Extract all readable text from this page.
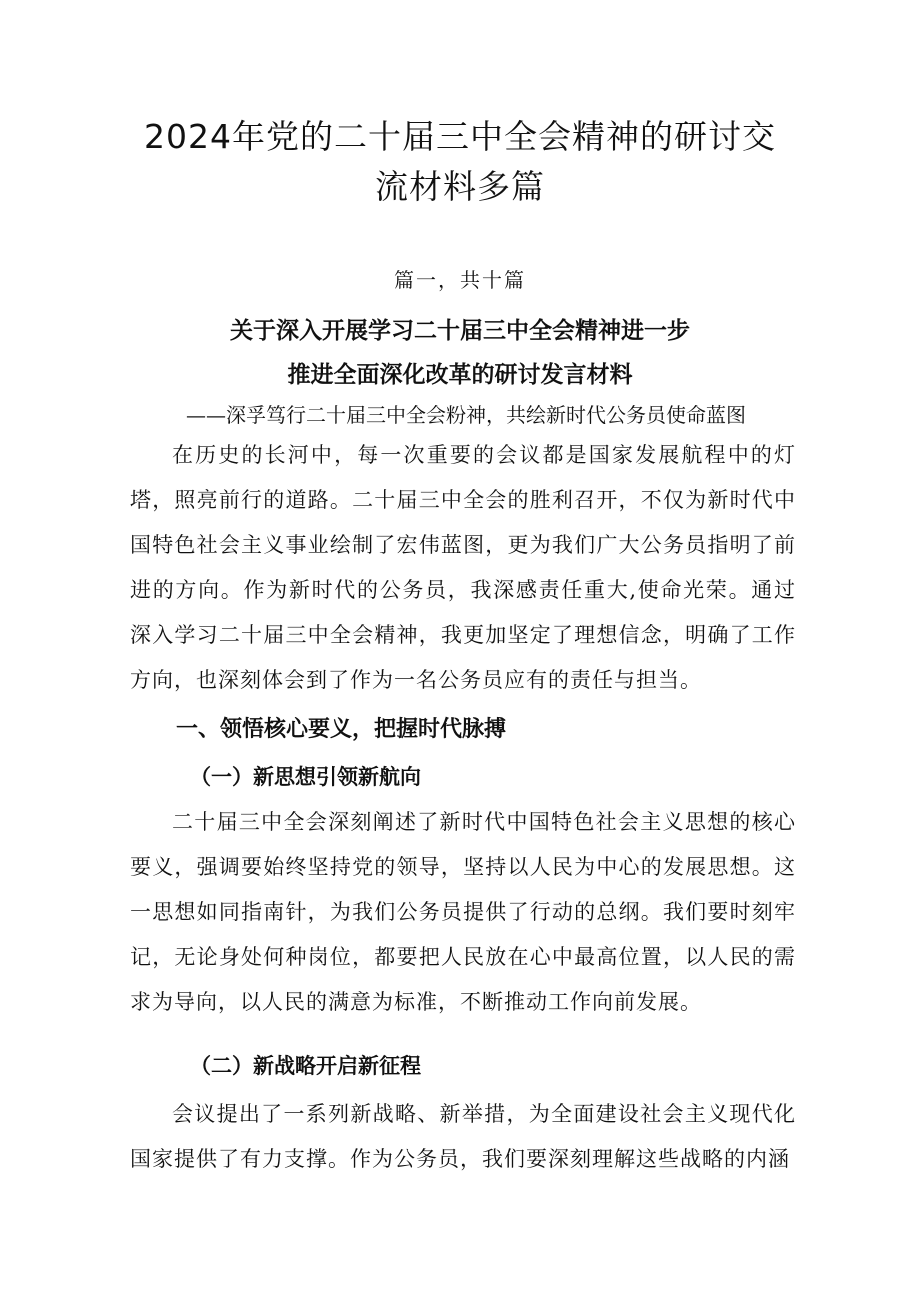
2024年党的二十届三中全会精神的研讨交
流材料多篇
篇一，共十篇
关于深入开展学习二十届三中全会精神进一步
推进全面深化改革的研讨发言材料
——深孚笃行二十届三中全会粉神，共绘新时代公务员使命蓝图
在历史的长河中，每一次重要的会议都是国家发展航程中的灯塔，照亮前行的道路。二十届三中全会的胜利召开，不仅为新时代中国特色社会主义事业绘制了宏伟蓝图，更为我们广大公务员指明了前进的方向。作为新时代的公务员，我深感责任重大,使命光荣。通过深入学习二十届三中全会精神，我更加坚定了理想信念，明确了工作方向，也深刻体会到了作为一名公务员应有的责任与担当。
一、领悟核心要义，把握时代脉搏
（一）新思想引领新航向
二十届三中全会深刻阐述了新时代中国特色社会主义思想的核心要义，强调要始终坚持党的领导，坚持以人民为中心的发展思想。这一思想如同指南针，为我们公务员提供了行动的总纲。我们要时刻牢记，无论身处何种岗位，都要把人民放在心中最高位置，以人民的需求为导向，以人民的满意为标准，不断推动工作向前发展。
（二）新战略开启新征程
会议提出了一系列新战略、新举措，为全面建设社会主义现代化国家提供了有力支撑。作为公务员，我们要深刻理解这些战略的内涵
